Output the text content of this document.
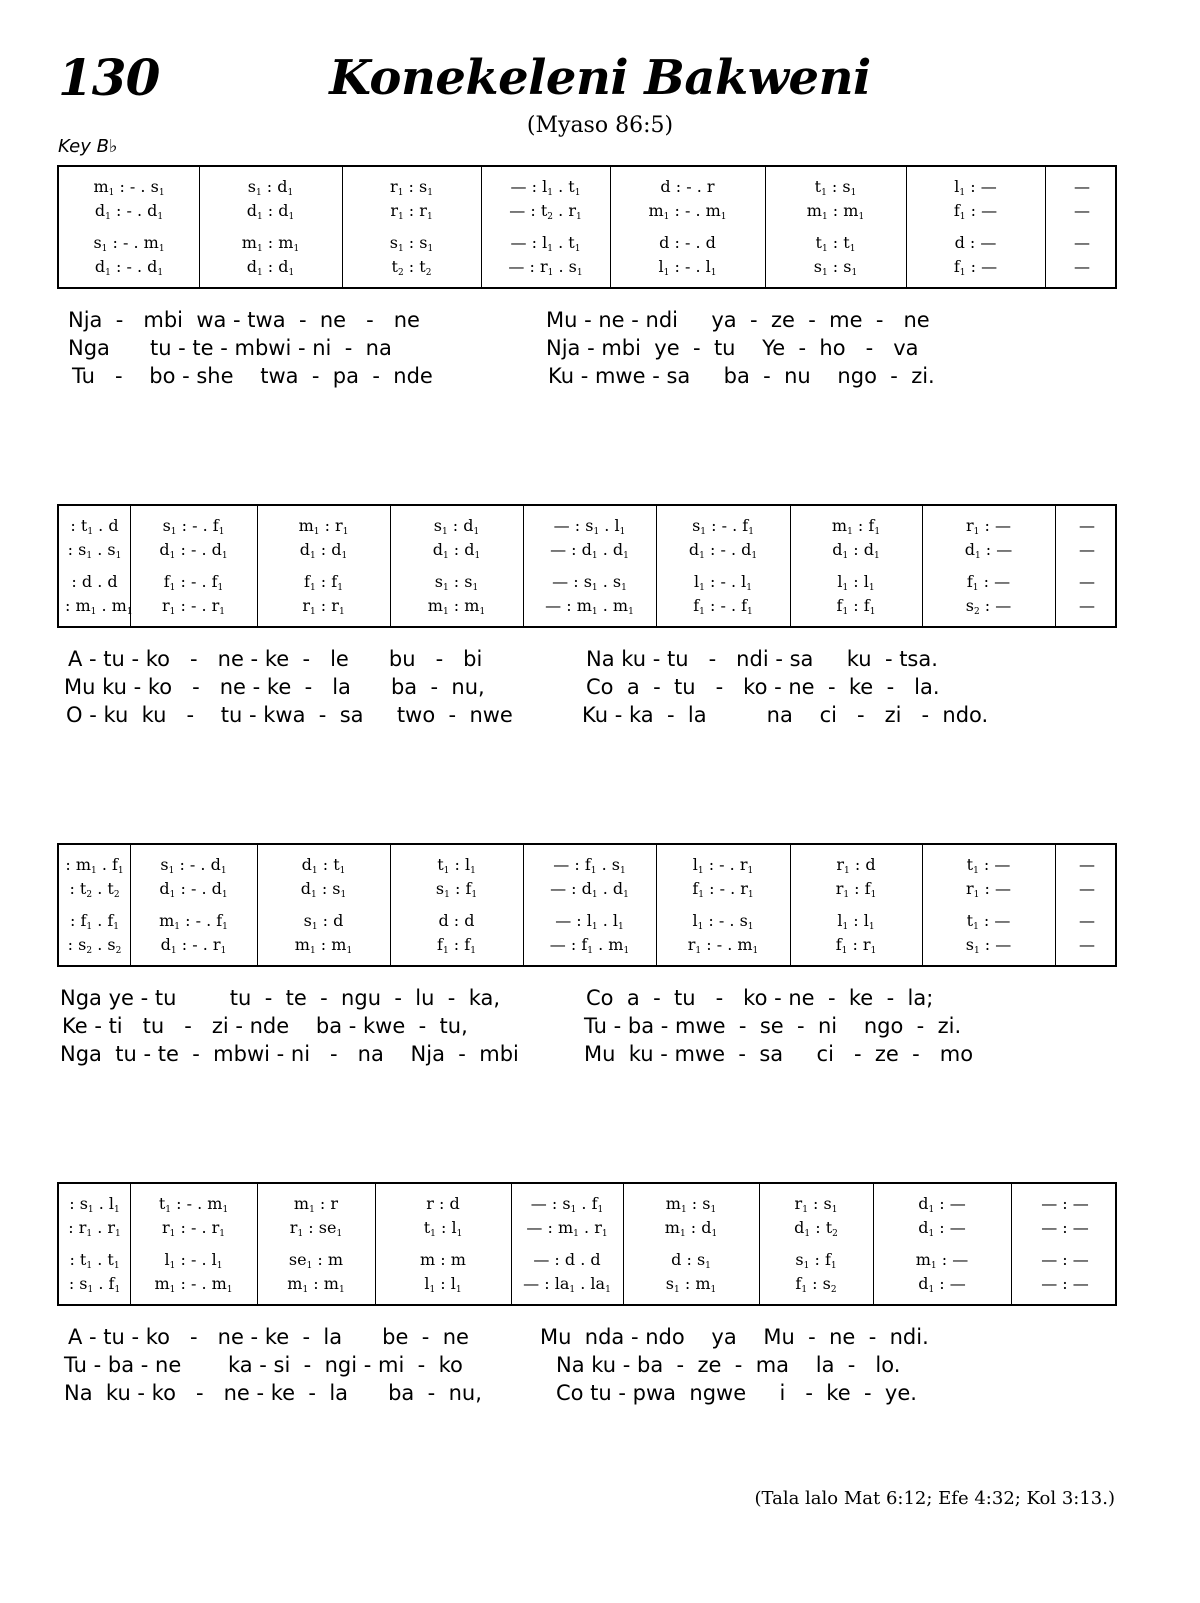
130	Konekeleni Bakweni
(Myaso 86:5)
Key B♭
$m_1$ : - . $s_1$	$s_1$ : $d_1$	$r_1$ : $s_1$	— : $l_1$ . $t_1$	d : - . r	$t_1$ : $s_1$	$l_1$ : —	—
$d_1$ : - . $d_1$	$d_1$ : $d_1$	$r_1$ : $r_1$	— : $t_2$ . $r_1$	$m_1$ : - . $m_1$	$m_1$ : $m_1$	$f_1$ : —	—
$s_1$ : - . $m_1$	$m_1$ : $m_1$	$s_1$ : $s_1$	— : $l_1$ . $t_1$	d : - . d	$t_1$ : $t_1$	d : —	—
$d_1$ : - . $d_1$	$d_1$ : $d_1$	$t_2$ : $t_2$	— : $r_1$ . $s_1$	$l_1$ : - . $l_1$	$s_1$ : $s_1$	$f_1$ : —	—
Nja  -   mbi  wa - twa  -  ne   -   ne	Mu - ne - ndi     ya  -  ze  -  me  -   ne
Nga      tu - te - mbwi - ni  -  na	Nja - mbi  ye  -  tu    Ye  -  ho   -   va
Tu   -    bo - she    twa  -  pa  -  nde	Ku - mwe - sa     ba  -  nu    ngo  -  zi.
: $t_1$ . d	$s_1$ : - . $f_1$	$m_1$ : $r_1$	$s_1$ : $d_1$	— : $s_1$ . $l_1$	$s_1$ : - . $f_1$	$m_1$ : $f_1$	$r_1$ : —	—
: $s_1$ . $s_1$	$d_1$ : - . $d_1$	$d_1$ : $d_1$	$d_1$ : $d_1$	— : $d_1$ . $d_1$	$d_1$ : - . $d_1$	$d_1$ : $d_1$	$d_1$ : —	—
: d . d	$f_1$ : - . $f_1$	$f_1$ : $f_1$	$s_1$ : $s_1$	— : $s_1$ . $s_1$	$l_1$ : - . $l_1$	$l_1$ : $l_1$	$f_1$ : —	—
: $m_1$ . $m_1$	$r_1$ : - . $r_1$	$r_1$ : $r_1$	$m_1$ : $m_1$	— : $m_1$ . $m_1$	$f_1$ : - . $f_1$	$f_1$ : $f_1$	$s_2$ : —	—
A - tu - ko   -   ne - ke  -   le      bu   -   bi	Na ku - tu   -   ndi - sa     ku  - tsa.
Mu ku - ko   -   ne - ke  -   la      ba  -  nu,	Co  a  -  tu   -   ko - ne  -  ke  -   la.
O - ku  ku   -    tu - kwa  -  sa     two  -  nwe	Ku - ka  -  la         na    ci   -   zi   -  ndo.
: $m_1$ . $f_1$	$s_1$ : - . $d_1$	$d_1$ : $t_1$	$t_1$ : $l_1$	— : $f_1$ . $s_1$	$l_1$ : - . $r_1$	$r_1$ : d	$t_1$ : —	—
: $t_2$ . $t_2$	$d_1$ : - . $d_1$	$d_1$ : $s_1$	$s_1$ : $f_1$	— : $d_1$ . $d_1$	$f_1$ : - . $r_1$	$r_1$ : $f_1$	$r_1$ : —	—
: $f_1$ . $f_1$	$m_1$ : - . $f_1$	$s_1$ : d	d : d	— : $l_1$ . $l_1$	$l_1$ : - . $s_1$	$l_1$ : $l_1$	$t_1$ : —	—
: $s_2$ . $s_2$	$d_1$ : - . $r_1$	$m_1$ : $m_1$	$f_1$ : $f_1$	— : $f_1$ . $m_1$	$r_1$ : - . $m_1$	$f_1$ : $r_1$	$s_1$ : —	—
Nga ye - tu        tu  -  te  -  ngu  -  lu  -  ka,	Co  a  -  tu   -   ko - ne  -  ke  -  la;
Ke - ti   tu   -   zi - nde    ba - kwe  -  tu,	Tu - ba - mwe  -  se  -  ni    ngo  -  zi.
Nga  tu - te  -  mbwi - ni   -   na    Nja  -  mbi	Mu  ku - mwe  -  sa     ci   -  ze  -   mo
: $s_1$ . $l_1$	$t_1$ : - . $m_1$	$m_1$ : r	r : d	— : $s_1$ . $f_1$	$m_1$ : $s_1$	$r_1$ : $s_1$	$d_1$ : —	— : —
: $r_1$ . $r_1$	$r_1$ : - . $r_1$	$r_1$ : $se_1$	$t_1$ : $l_1$	— : $m_1$ . $r_1$	$m_1$ : $d_1$	$d_1$ : $t_2$	$d_1$ : —	— : —
: $t_1$ . $t_1$	$l_1$ : - . $l_1$	$se_1$ : m	m : m	— : d . d	d : $s_1$	$s_1$ : $f_1$	$m_1$ : —	— : —
: $s_1$ . $f_1$	$m_1$ : - . $m_1$	$m_1$ : $m_1$	$l_1$ : $l_1$	— : $la_1$ . $la_1$	$s_1$ : $m_1$	$f_1$ : $s_2$	$d_1$ : —	— : —
A - tu - ko   -   ne - ke  -  la      be  -  ne	Mu  nda - ndo    ya    Mu  -  ne  -  ndi.
Tu - ba - ne       ka - si  -  ngi - mi  -  ko	Na ku - ba  -  ze  -  ma    la  -   lo.
Na  ku - ko   -   ne - ke  -  la      ba  -  nu,	Co tu - pwa  ngwe     i   -  ke  -  ye.
(Tala lalo Mat 6:12; Efe 4:32; Kol 3:13.)
